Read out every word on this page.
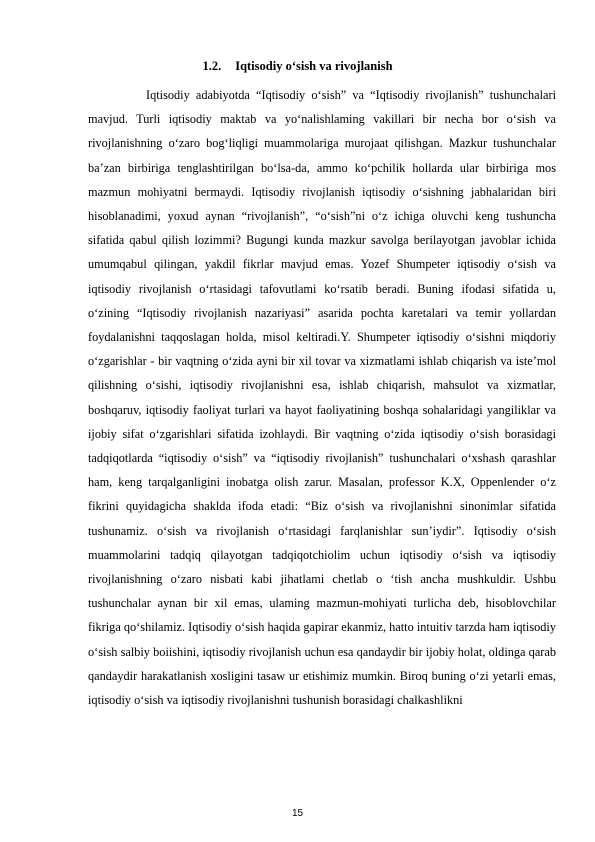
1.2. Iqtisodiy o‘sish va rivojlanish

Iqtisodiy adabiyotda “Iqtisodiy o‘sish” va “Iqtisodiy rivojlanish” tushunchalari mavjud. Turli iqtisodiy maktab va yo‘nalishlaming vakillari bir necha bor o‘sish va rivojlanishning o‘zaro bog‘liqligi muammolariga murojaat qilishgan. Mazkur tushunchalar ba’zan birbiriga tenglashtirilgan bo‘lsa-da, ammo ko‘pchilik hollarda ular birbiriga mos mazmun mohiyatni bermaydi. Iqtisodiy rivojlanish iqtisodiy o‘sishning jabhalaridan biri hisoblanadimi, yoxud aynan “rivojlanish”, “o‘sish”ni o‘z ichiga oluvchi keng tushuncha sifatida qabul qilish lozimmi? Bugungi kunda mazkur savolga berilayotgan javoblar ichida umumqabul qilingan, yakdil fikrlar mavjud emas. Yozef Shumpeter iqtisodiy o‘sish va iqtisodiy rivojlanish o‘rtasidagi tafovutlami ko‘rsatib beradi. Buning ifodasi sifatida u, o‘zining “Iqtisodiy rivojlanish nazariyasi” asarida pochta karetalari va temir yollardan foydalanishni taqqoslagan holda, misol keltiradi.Y. Shumpeter iqtisodiy o‘sishni miqdoriy o‘zgarishlar - bir vaqtning o‘zida ayni bir xil tovar va xizmatlami ishlab chiqarish va iste’mol qilishning o‘sishi, iqtisodiy rivojlanishni esa, ishlab chiqarish, mahsulot va xizmatlar, boshqaruv, iqtisodiy faoliyat turlari va hayot faoliyatining boshqa sohalaridagi yangiliklar va ijobiy sifat o‘zgarishlari sifatida izohlaydi. Bir vaqtning o‘zida iqtisodiy o‘sish borasidagi tadqiqotlarda “iqtisodiy o‘sish” va “iqtisodiy rivojlanish” tushunchalari o‘xshash qarashlar ham, keng tarqalganligini inobatga olish zarur. Masalan, professor K.X, Oppenlender o‘z fikrini quyidagicha shaklda ifoda etadi: “Biz o‘sish va rivojlanishni sinonimlar sifatida tushunamiz. o‘sish va rivojlanish o‘rtasidagi farqlanishlar sun’iydir”. Iqtisodiy o‘sish muammolarini tadqiq qilayotgan tadqiqotchiolim uchun iqtisodiy o‘sish va iqtisodiy rivojlanishning o‘zaro nisbati kabi jihatlami chetlab o ‘tish ancha mushkuldir. Ushbu tushunchalar aynan bir xil emas, ulaming mazmun-mohiyati turlicha deb, hisoblovchilar fikriga qo‘shilamiz. Iqtisodiy o‘sish haqida gapirar ekanmiz, hatto intuitiv tarzda ham iqtisodiy o‘sish salbiy boiishini, iqtisodiy rivojlanish uchun esa qandaydir bir ijobiy holat, oldinga qarab qandaydir harakatlanish xosligini tasaw ur etishimiz mumkin. Biroq buning o‘zi yetarli emas, iqtisodiy o‘sish va iqtisodiy rivojlanishni tushunish borasidagi chalkashlikni

15
